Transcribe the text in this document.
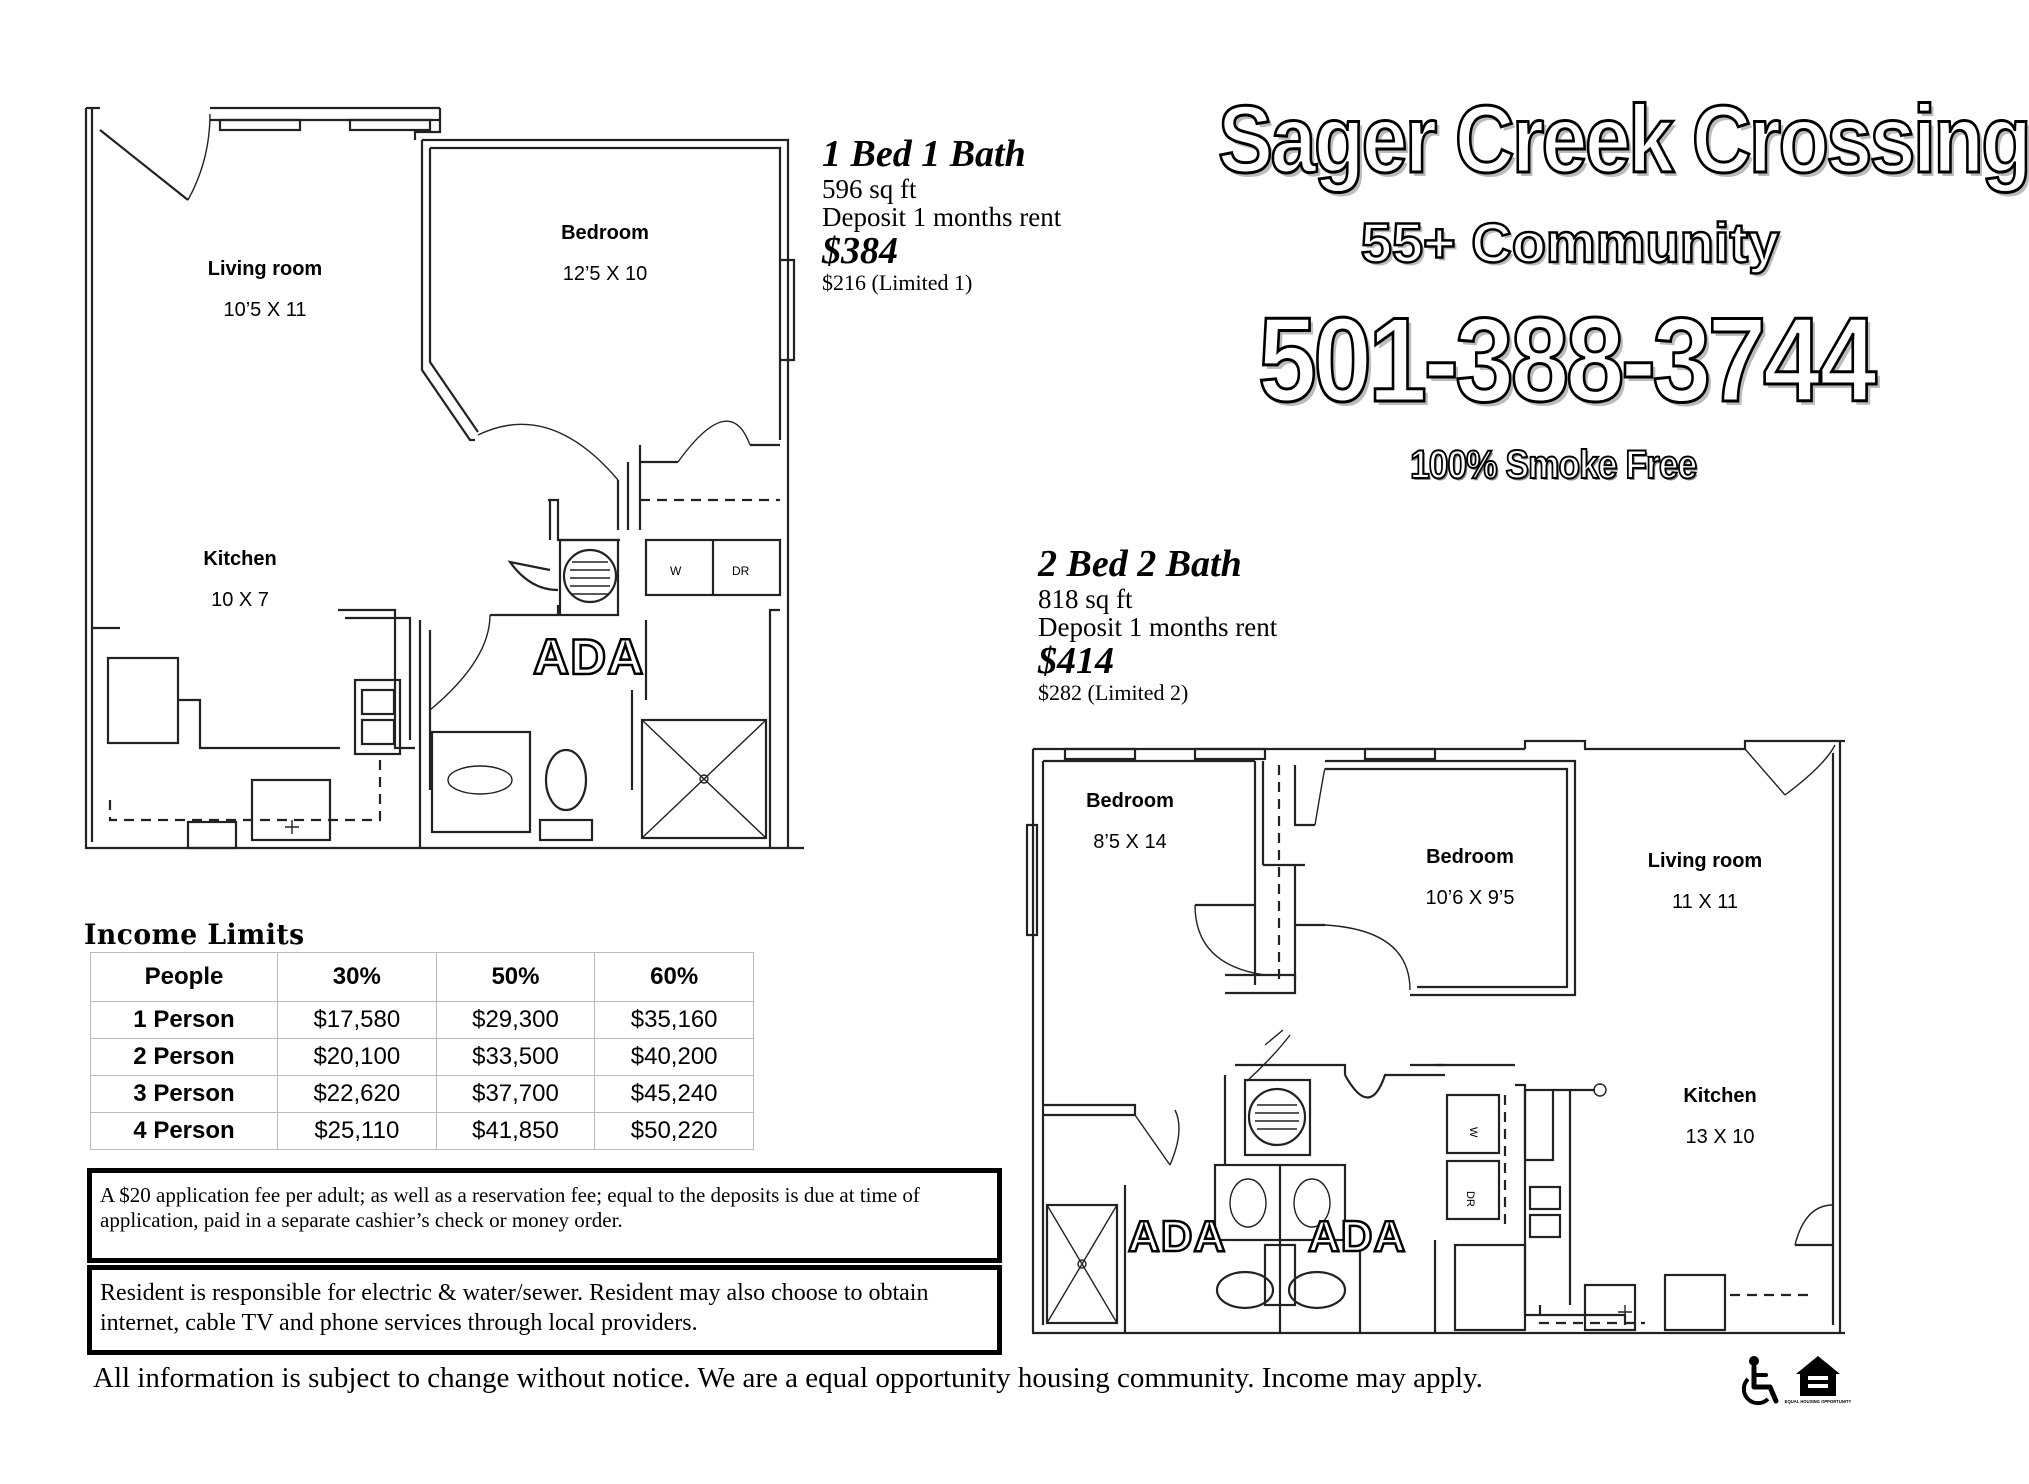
W	DR
Living room
10’5 X 11
Bedroom
12’5 X 10
Kitchen
10 X 7
ADA
1 Bed 1 Bath
596 sq ft
Deposit 1 months rent
$384
$216 (Limited 1)
Sager Creek Crossing
55+ Community
501-388-3744
100% Smoke Free
2 Bed 2 Bath
818 sq ft
Deposit 1 months rent
$414
$282 (Limited 2)
W
DR
Bedroom
8’5 X 14
Bedroom
10’6 X 9’5
Living room
11 X 11
Kitchen
13 X 10
ADA ADA
Income Limits
People	30%	50%	60%
1 Person	$17,580	$29,300	$35,160
2 Person	$20,100	$33,500	$40,200
3 Person	$22,620	$37,700	$45,240
4 Person	$25,110	$41,850	$50,220
A $20 application fee per adult; as well as a reservation fee; equal to the deposits is due at time of application, paid in a separate cashier’s check or money order.
Resident is responsible for electric & water/sewer. Resident may also choose to obtain internet, cable TV and phone services through local providers.
All information is subject to change without notice. We are a equal opportunity housing community. Income may apply.
EQUAL HOUSING OPPORTUNITY
